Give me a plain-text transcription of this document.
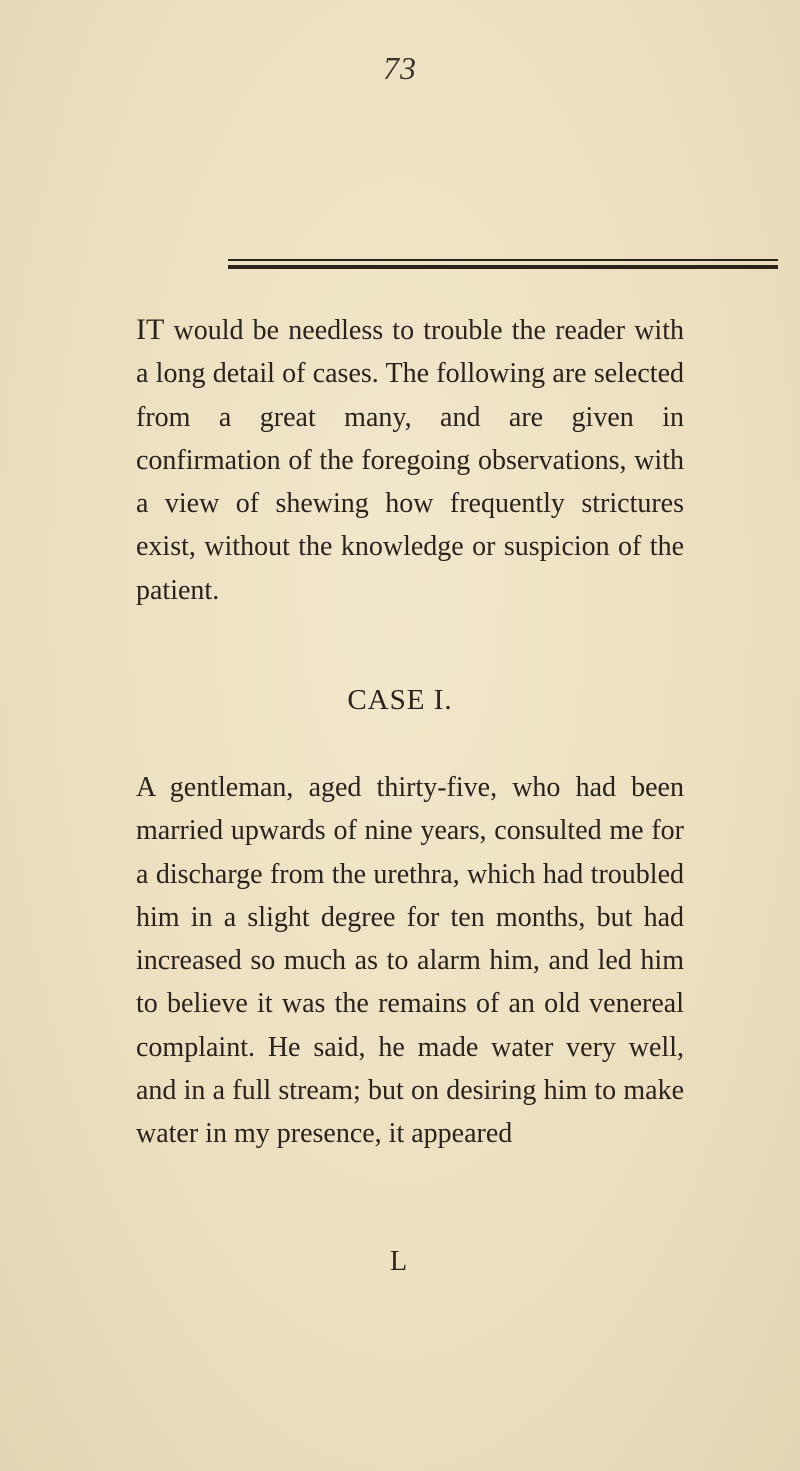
73
IT would be needless to trouble the reader with a long detail of cases. The following are selected from a great many, and are given in confirmation of the foregoing observations, with a view of shewing how frequently strictures exist, without the knowledge or suspicion of the patient.
CASE I.
A gentleman, aged thirty-five, who had been married upwards of nine years, consulted me for a discharge from the urethra, which had troubled him in a slight degree for ten months, but had increased so much as to alarm him, and led him to believe it was the remains of an old venereal complaint. He said, he made water very well, and in a full stream; but on desiring him to make water in my presence, it appeared
L
